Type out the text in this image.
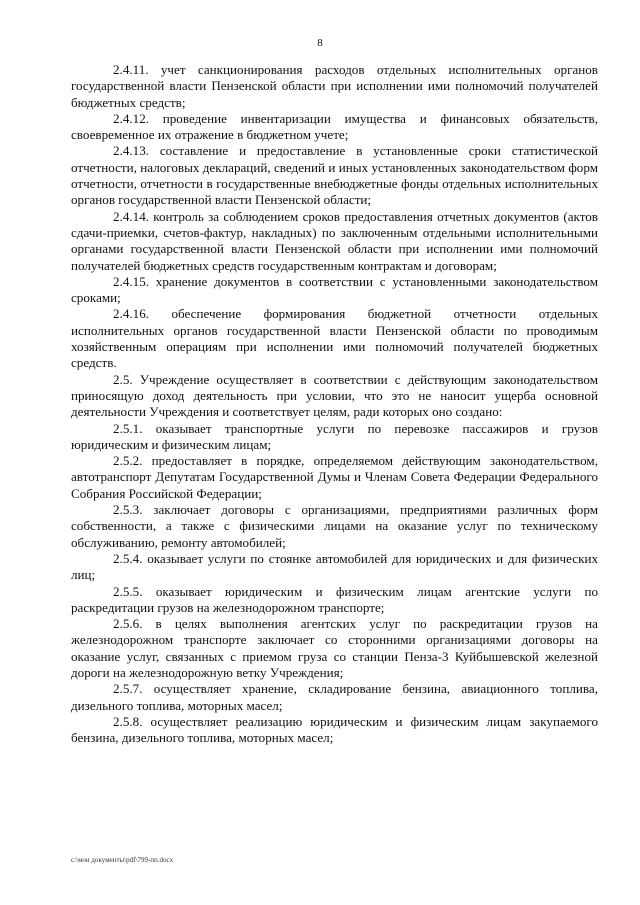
8

2.4.11. учет санкционирования расходов отдельных исполнительных органов государственной власти Пензенской области при исполнении ими полномочий получателей бюджетных средств;

2.4.12. проведение инвентаризации имущества и финансовых обязательств, своевременное их отражение в бюджетном учете;

2.4.13. составление и предоставление в установленные сроки статистической отчетности, налоговых деклараций, сведений и иных установленных законодательством форм отчетности, отчетности в государственные внебюджетные фонды отдельных исполнительных органов государственной власти Пензенской области;

2.4.14. контроль за соблюдением сроков предоставления отчетных документов (актов сдачи-приемки, счетов-фактур, накладных) по заключенным отдельными исполнительными органами государственной власти Пензенской области при исполнении ими полномочий получателей бюджетных средств государственным контрактам и договорам;

2.4.15. хранение документов в соответствии с установленными законодательством сроками;

2.4.16. обеспечение формирования бюджетной отчетности отдельных исполнительных органов государственной власти Пензенской области по проводимым хозяйственным операциям при исполнении ими полномочий получателей бюджетных средств.

2.5. Учреждение осуществляет в соответствии с действующим законодательством приносящую доход деятельность при условии, что это не наносит ущерба основной деятельности Учреждения и соответствует целям, ради которых оно создано:

2.5.1. оказывает транспортные услуги по перевозке пассажиров и грузов юридическим и физическим лицам;

2.5.2. предоставляет в порядке, определяемом действующим законодательством, автотранспорт Депутатам Государственной Думы и Членам Совета Федерации Федерального Собрания Российской Федерации;

2.5.3. заключает договоры с организациями, предприятиями различных форм собственности, а также с физическими лицами на оказание услуг по техническому обслуживанию, ремонту автомобилей;

2.5.4. оказывает услуги по стоянке автомобилей для юридических и для физических лиц;

2.5.5. оказывает юридическим и физическим лицам агентские услуги по раскредитации грузов на железнодорожном транспорте;

2.5.6. в целях выполнения агентских услуг по раскредитации грузов на железнодорожном транспорте заключает со сторонними организациями договоры на оказание услуг, связанных с приемом груза со станции Пенза-3 Куйбышевской железной дороги на железнодорожную ветку Учреждения;

2.5.7. осуществляет хранение, складирование бензина, авиационного топлива, дизельного топлива, моторных масел;

2.5.8. осуществляет реализацию юридическим и физическим лицам закупаемого бензина, дизельного топлива, моторных масел;

c:\мои документы\pdf\799-пп.docx
